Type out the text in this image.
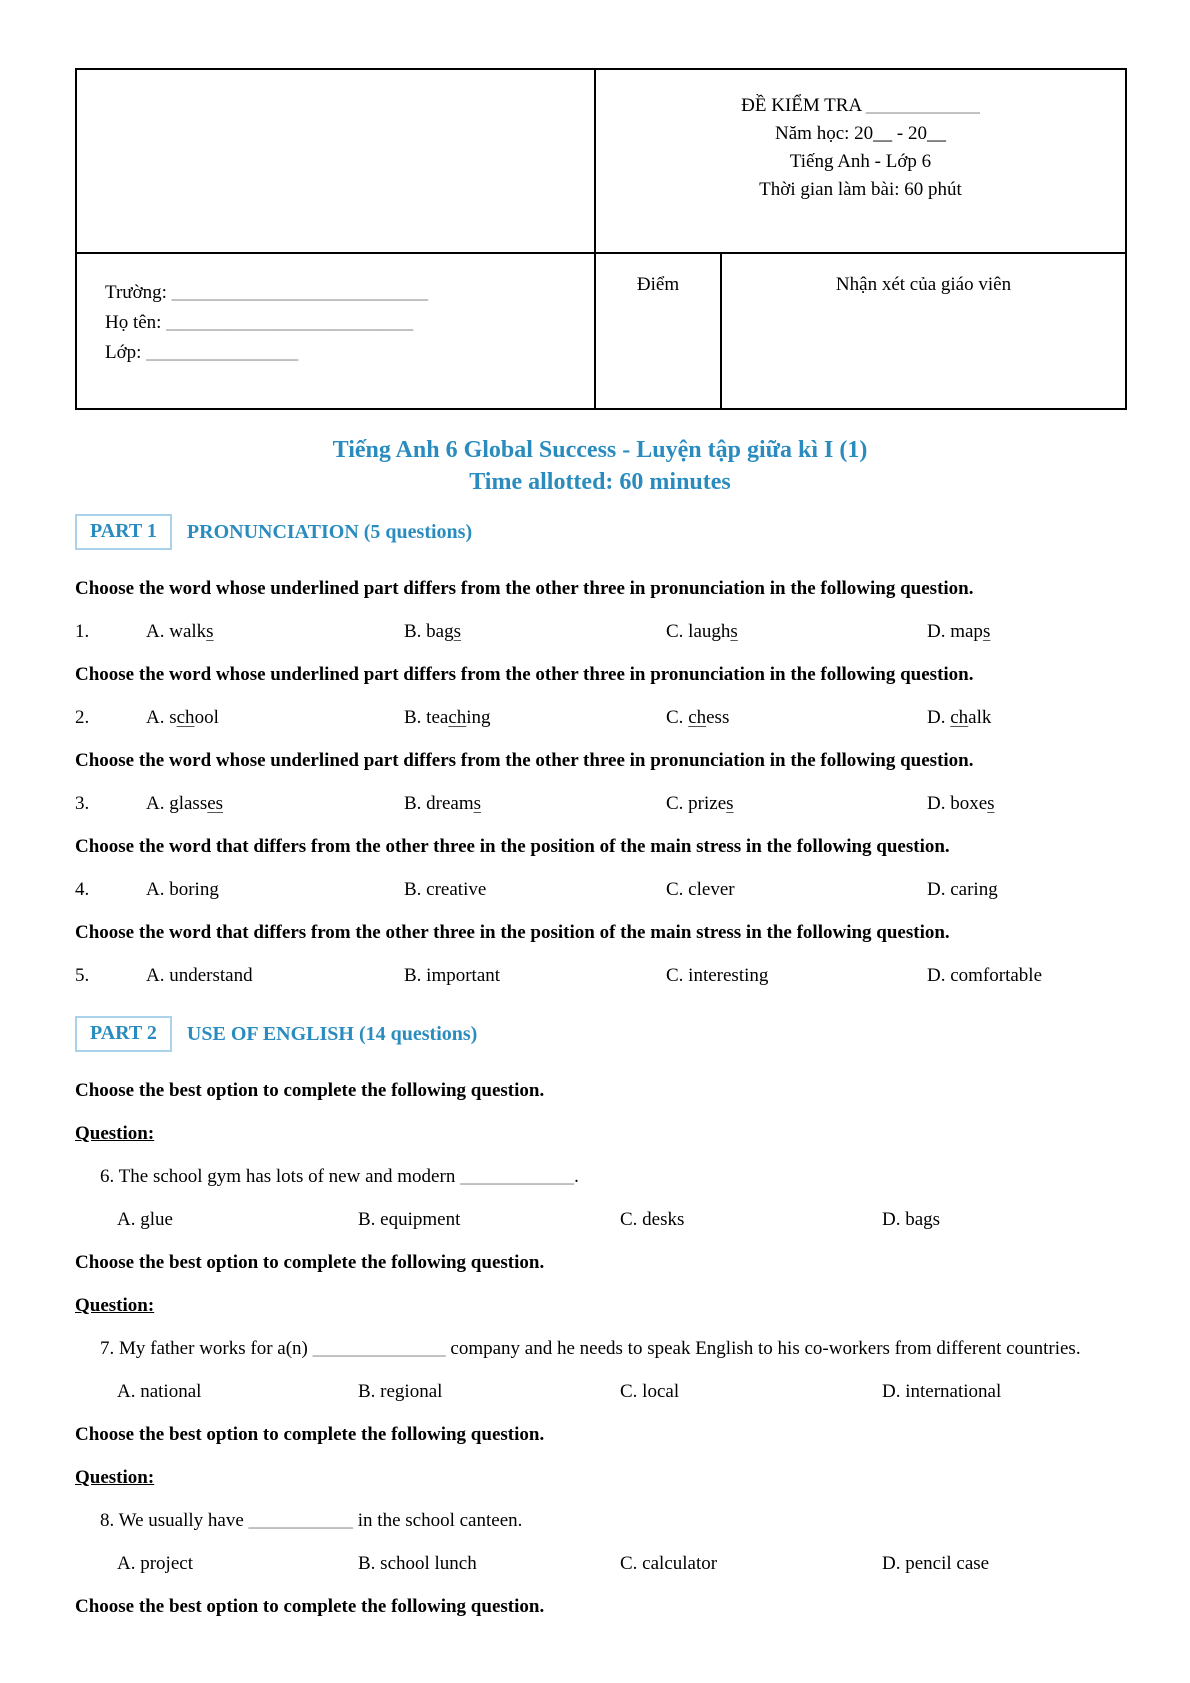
	ĐỀ KIỂM TRA ____________
Năm học: 20__ - 20__
Tiếng Anh - Lớp 6
Thời gian làm bài: 60 phút	

Trường: ___________________________
Họ tên: __________________________
Lớp: ________________	Điểm	Nhận xét của giáo viên
Tiếng Anh 6 Global Success - Luyện tập giữa kì I (1)
Time allotted: 60 minutes
PART 1	PRONUNCIATION (5 questions)

Choose the word whose underlined part differs from the other three in pronunciation in the following question.

1.	A. walks	B. bags	C. laughs	D. maps

Choose the word whose underlined part differs from the other three in pronunciation in the following question.

2.	A. school	B. teaching	C. chess	D. chalk

Choose the word whose underlined part differs from the other three in pronunciation in the following question.

3.	A. glasses	B. dreams	C. prizes	D. boxes

Choose the word that differs from the other three in the position of the main stress in the following question.

4.	A. boring	B. creative	C. clever	D. caring

Choose the word that differs from the other three in the position of the main stress in the following question.

5.	A. understand	B. important	C. interesting	D. comfortable
PART 2	USE OF ENGLISH (14 questions)

Choose the best option to complete the following question.

Question:

6. The school gym has lots of new and modern ____________.

A. glue	B. equipment	C. desks	D. bags

Choose the best option to complete the following question.

Question:

7. My father works for a(n) ______________ company and he needs to speak English to his co-workers from different countries.

A. national	B. regional	C. local	D. international

Choose the best option to complete the following question.

Question:

8. We usually have ___________ in the school canteen.

A. project	B. school lunch	C. calculator	D. pencil case

Choose the best option to complete the following question.
